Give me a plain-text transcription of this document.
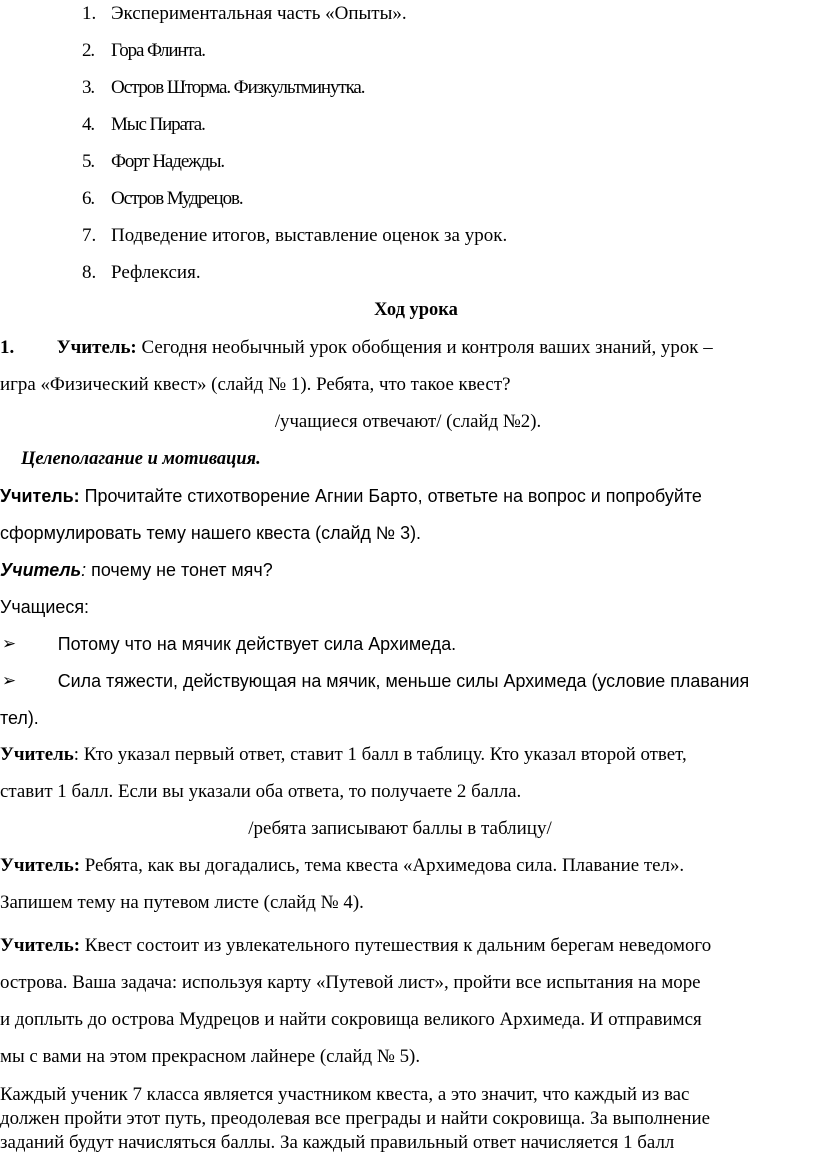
1. Экспериментальная часть «Опыты».
2. Гора Флинта.
3. Остров Шторма. Физкультминутка.
4. Мыс Пирата.
5. Форт Надежды.
6. Остров Мудрецов.
7. Подведение итогов, выставление оценок за урок.
8. Рефлексия.
Ход урока
1. Учитель: Сегодня необычный урок обобщения и контроля ваших знаний, урок –
игра «Физический квест» (слайд № 1). Ребята, что такое квест?
/учащиеся отвечают/ (слайд №2).
Целеполагание и мотивация.
Учитель: Прочитайте стихотворение Агнии Барто, ответьте на вопрос и попробуйте
сформулировать тему нашего квеста (слайд № 3).
Учитель: почему не тонет мяч?
Учащиеся:
➢ Потому что на мячик действует сила Архимеда.
➢ Сила тяжести, действующая на мячик, меньше силы Архимеда (условие плавания
тел).
Учитель: Кто указал первый ответ, ставит 1 балл в таблицу. Кто указал второй ответ,
ставит 1 балл. Если вы указали оба ответа, то получаете 2 балла.
/ребята записывают баллы в таблицу/
Учитель: Ребята, как вы догадались, тема квеста «Архимедова сила. Плавание тел».
Запишем тему на путевом листе (слайд № 4).
Учитель: Квест состоит из увлекательного путешествия к дальним берегам неведомого
острова. Ваша задача: используя карту «Путевой лист», пройти все испытания на море
и доплыть до острова Мудрецов и найти сокровища великого Архимеда. И отправимся
мы с вами на этом прекрасном лайнере (слайд № 5).
Каждый ученик 7 класса является участником квеста, а это значит, что каждый из вас
должен пройти этот путь, преодолевая все преграды и найти сокровища. За выполнение
заданий будут начисляться баллы. За каждый правильный ответ начисляется 1 балл
